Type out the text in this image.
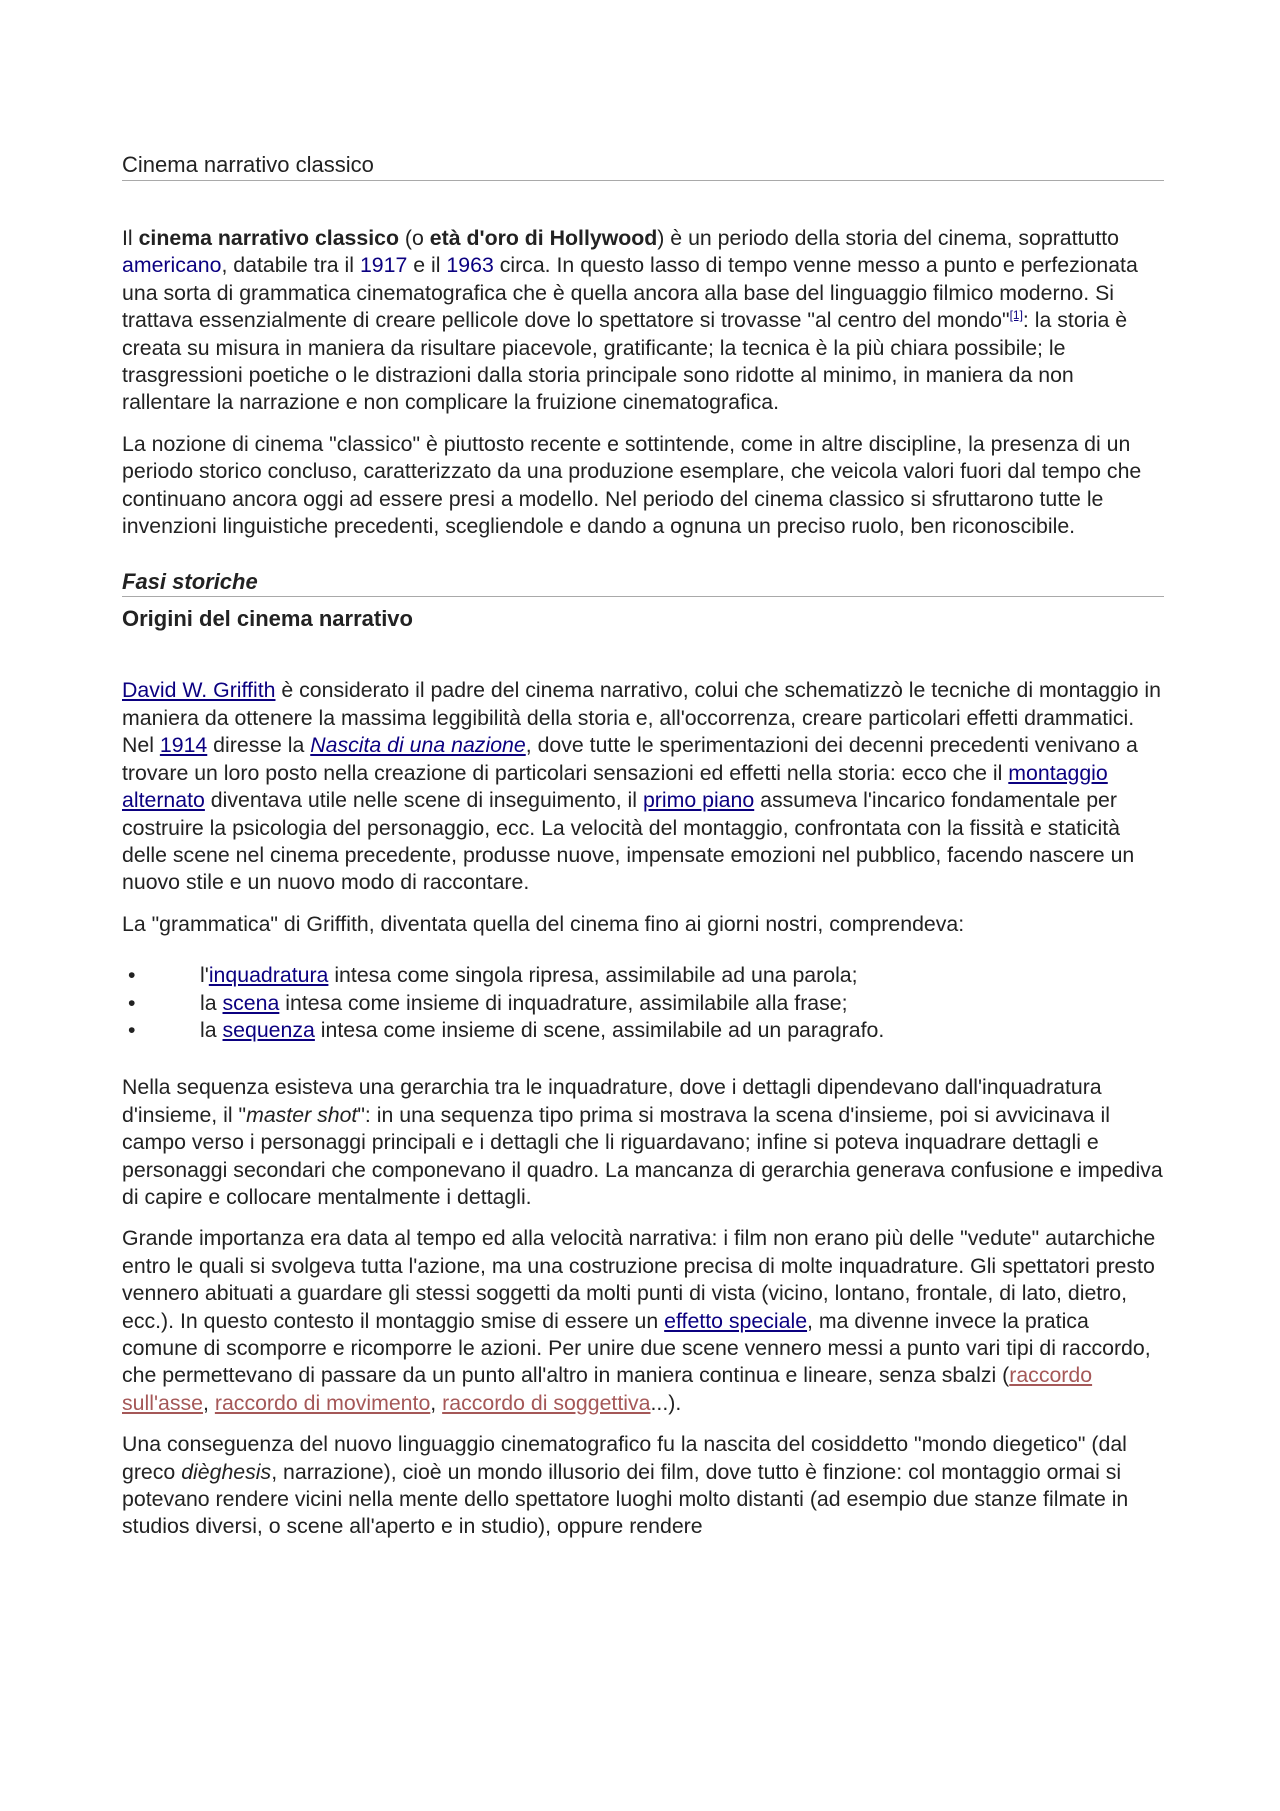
Cinema narrativo classico

Il cinema narrativo classico (o età d'oro di Hollywood) è un periodo della storia del cinema, soprattutto americano, databile tra il 1917 e il 1963 circa. In questo lasso di tempo venne messo a punto e perfezionata una sorta di grammatica cinematografica che è quella ancora alla base del linguaggio filmico moderno. Si trattava essenzialmente di creare pellicole dove lo spettatore si trovasse "al centro del mondo"[1]: la storia è creata su misura in maniera da risultare piacevole, gratificante; la tecnica è la più chiara possibile; le trasgressioni poetiche o le distrazioni dalla storia principale sono ridotte al minimo, in maniera da non rallentare la narrazione e non complicare la fruizione cinematografica.

La nozione di cinema "classico" è piuttosto recente e sottintende, come in altre discipline, la presenza di un periodo storico concluso, caratterizzato da una produzione esemplare, che veicola valori fuori dal tempo che continuano ancora oggi ad essere presi a modello. Nel periodo del cinema classico si sfruttarono tutte le invenzioni linguistiche precedenti, scegliendole e dando a ognuna un preciso ruolo, ben riconoscibile.

Fasi storiche
Origini del cinema narrativo

David W. Griffith è considerato il padre del cinema narrativo, colui che schematizzò le tecniche di montaggio in maniera da ottenere la massima leggibilità della storia e, all'occorrenza, creare particolari effetti drammatici. Nel 1914 diresse la Nascita di una nazione, dove tutte le sperimentazioni dei decenni precedenti venivano a trovare un loro posto nella creazione di particolari sensazioni ed effetti nella storia: ecco che il montaggio alternato diventava utile nelle scene di inseguimento, il primo piano assumeva l'incarico fondamentale per costruire la psicologia del personaggio, ecc. La velocità del montaggio, confrontata con la fissità e staticità delle scene nel cinema precedente, produsse nuove, impensate emozioni nel pubblico, facendo nascere un nuovo stile e un nuovo modo di raccontare.

La "grammatica" di Griffith, diventata quella del cinema fino ai giorni nostri, comprendeva:

•	l'inquadratura intesa come singola ripresa, assimilabile ad una parola;
•	la scena intesa come insieme di inquadrature, assimilabile alla frase;
•	la sequenza intesa come insieme di scene, assimilabile ad un paragrafo.

Nella sequenza esisteva una gerarchia tra le inquadrature, dove i dettagli dipendevano dall'inquadratura d'insieme, il "master shot": in una sequenza tipo prima si mostrava la scena d'insieme, poi si avvicinava il campo verso i personaggi principali e i dettagli che li riguardavano; infine si poteva inquadrare dettagli e personaggi secondari che componevano il quadro. La mancanza di gerarchia generava confusione e impediva di capire e collocare mentalmente i dettagli.

Grande importanza era data al tempo ed alla velocità narrativa: i film non erano più delle "vedute" autarchiche entro le quali si svolgeva tutta l'azione, ma una costruzione precisa di molte inquadrature. Gli spettatori presto vennero abituati a guardare gli stessi soggetti da molti punti di vista (vicino, lontano, frontale, di lato, dietro, ecc.). In questo contesto il montaggio smise di essere un effetto speciale, ma divenne invece la pratica comune di scomporre e ricomporre le azioni. Per unire due scene vennero messi a punto vari tipi di raccordo, che permettevano di passare da un punto all'altro in maniera continua e lineare, senza sbalzi (raccordo sull'asse, raccordo di movimento, raccordo di soggettiva...).

Una conseguenza del nuovo linguaggio cinematografico fu la nascita del cosiddetto "mondo diegetico" (dal greco dièghesis, narrazione), cioè un mondo illusorio dei film, dove tutto è finzione: col montaggio ormai si potevano rendere vicini nella mente dello spettatore luoghi molto distanti (ad esempio due stanze filmate in studios diversi, o scene all'aperto e in studio), oppure rendere
